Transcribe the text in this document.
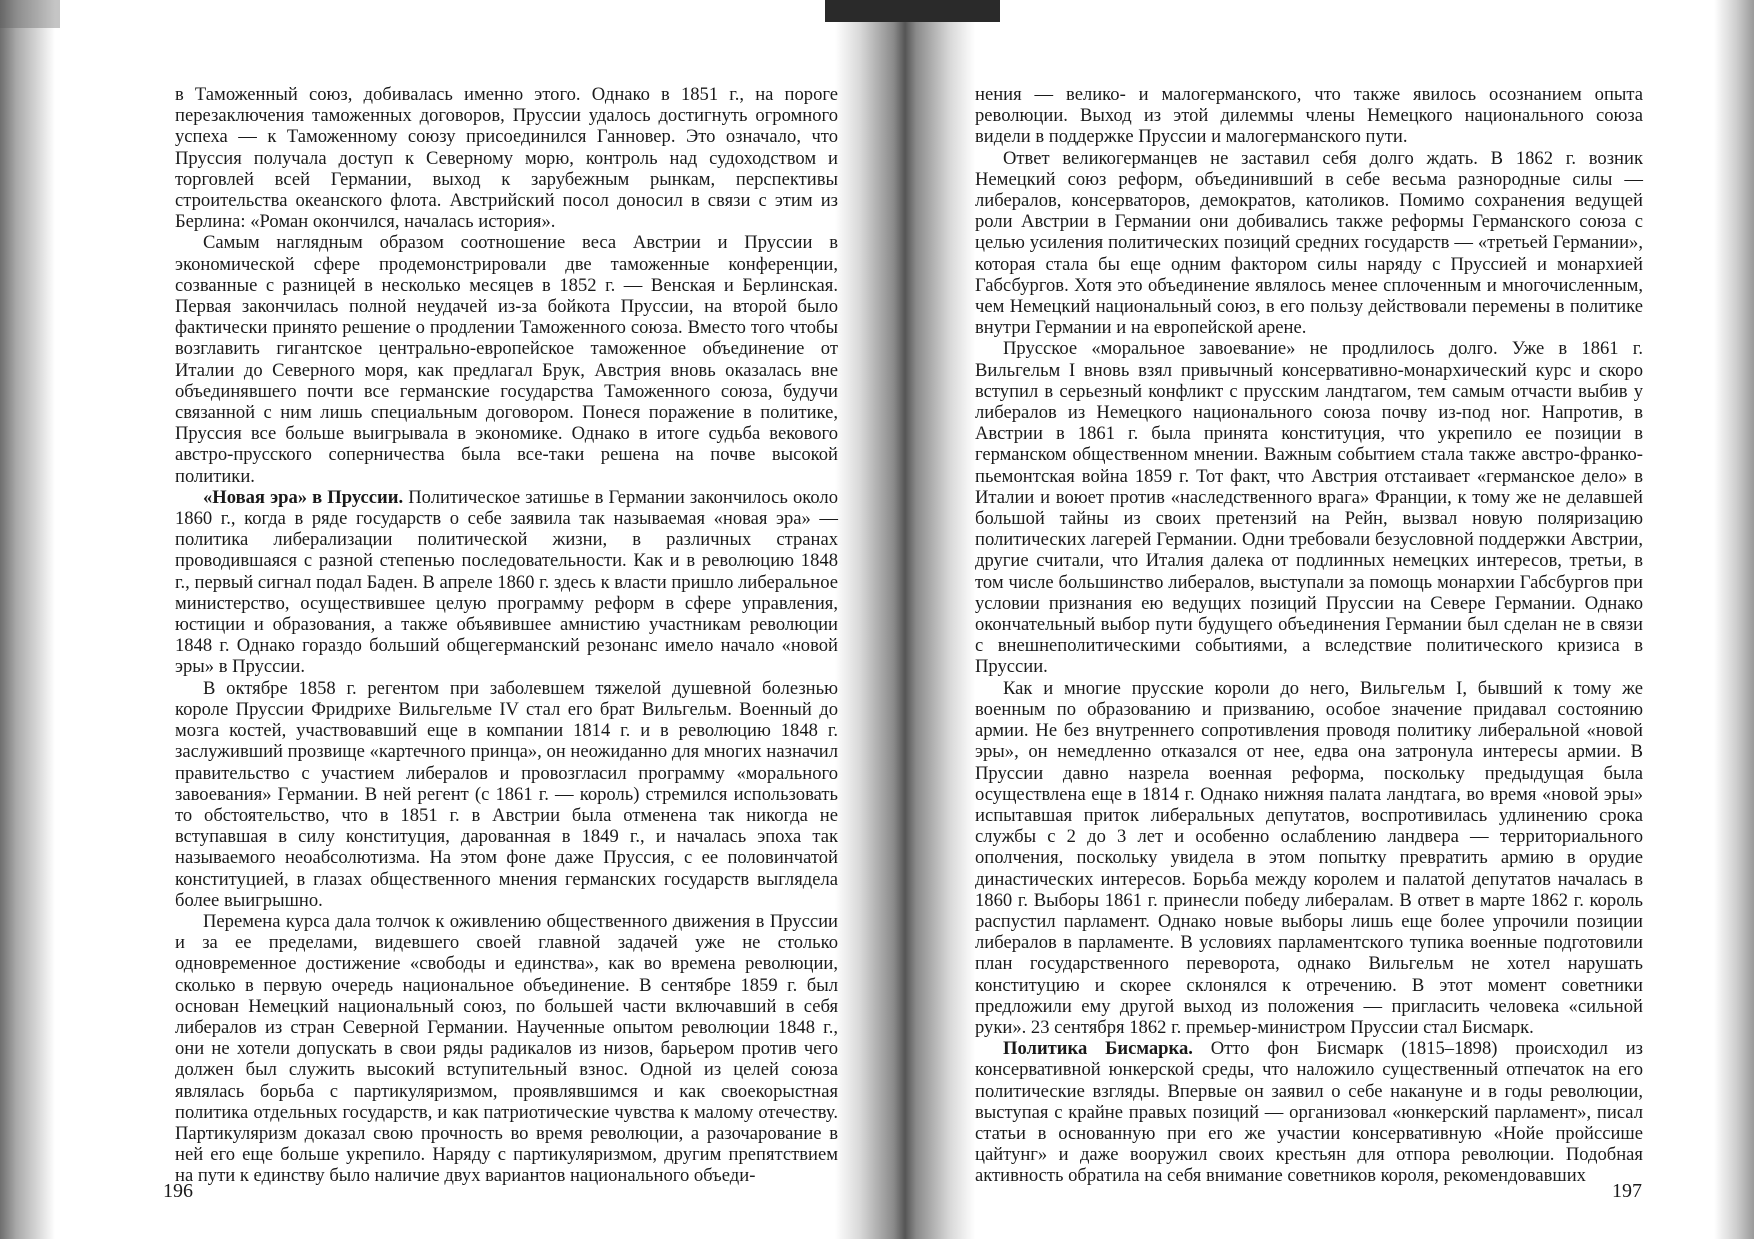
в Таможенный союз, добивалась именно этого. Однако в 1851 г., на пороге перезаключения таможенных договоров, Пруссии удалось достигнуть огромного успеха — к Таможенному союзу присоединился Ганновер. Это означало, что Пруссия получала доступ к Северному морю, контроль над судоходством и торговлей всей Германии, выход к зарубежным рынкам, перспективы строительства океанского флота. Австрийский посол доносил в связи с этим из Берлина: «Роман окончился, началась история».

Самым наглядным образом соотношение веса Австрии и Пруссии в экономической сфере продемонстрировали две таможенные конференции, созванные с разницей в несколько месяцев в 1852 г. — Венская и Берлинская. Первая закончилась полной неудачей из-за бойкота Пруссии, на второй было фактически принято решение о продлении Таможенного союза. Вместо того чтобы возглавить гигантское центрально-европейское таможенное объединение от Италии до Северного моря, как предлагал Брук, Австрия вновь оказалась вне объединявшего почти все германские государства Таможенного союза, будучи связанной с ним лишь специальным договором. Понеся поражение в политике, Пруссия все больше выигрывала в экономике. Однако в итоге судьба векового австро-прусского соперничества была все-таки решена на почве высокой политики.

«Новая эра» в Пруссии. Политическое затишье в Германии закончилось около 1860 г., когда в ряде государств о себе заявила так называемая «новая эра» — политика либерализации политической жизни, в различных странах проводившаяся с разной степенью последовательности. Как и в революцию 1848 г., первый сигнал подал Баден. В апреле 1860 г. здесь к власти пришло либеральное министерство, осуществившее целую программу реформ в сфере управления, юстиции и образования, а также объявившее амнистию участникам революции 1848 г. Однако гораздо больший общегерманский резонанс имело начало «новой эры» в Пруссии.

В октябре 1858 г. регентом при заболевшем тяжелой душевной болезнью короле Пруссии Фридрихе Вильгельме IV стал его брат Вильгельм. Военный до мозга костей, участвовавший еще в компании 1814 г. и в революцию 1848 г. заслуживший прозвище «картечного принца», он неожиданно для многих назначил правительство с участием либералов и провозгласил программу «морального завоевания» Германии. В ней регент (с 1861 г. — король) стремился использовать то обстоятельство, что в 1851 г. в Австрии была отменена так никогда не вступавшая в силу конституция, дарованная в 1849 г., и началась эпоха так называемого неоабсолютизма. На этом фоне даже Пруссия, с ее половинчатой конституцией, в глазах общественного мнения германских государств выглядела более выигрышно.

Перемена курса дала толчок к оживлению общественного движения в Пруссии и за ее пределами, видевшего своей главной задачей уже не столько одновременное достижение «свободы и единства», как во времена революции, сколько в первую очередь национальное объединение. В сентябре 1859 г. был основан Немецкий национальный союз, по большей части включавший в себя либералов из стран Северной Германии. Наученные опытом революции 1848 г., они не хотели допускать в свои ряды радикалов из низов, барьером против чего должен был служить высокий вступительный взнос. Одной из целей союза являлась борьба с партикуляризмом, проявлявшимся и как своекорыстная политика отдельных государств, и как патриотические чувства к малому отечеству. Партикуляризм доказал свою прочность во время революции, а разочарование в ней его еще больше укрепило. Наряду с партикуляризмом, другим препятствием на пути к единству было наличие двух вариантов национального объеди-

196

нения — велико- и малогерманского, что также явилось осознанием опыта революции. Выход из этой дилеммы члены Немецкого национального союза видели в поддержке Пруссии и малогерманского пути.

Ответ великогерманцев не заставил себя долго ждать. В 1862 г. возник Немецкий союз реформ, объединивший в себе весьма разнородные силы — либералов, консерваторов, демократов, католиков. Помимо сохранения ведущей роли Австрии в Германии они добивались также реформы Германского союза с целью усиления политических позиций средних государств — «третьей Германии», которая стала бы еще одним фактором силы наряду с Пруссией и монархией Габсбургов. Хотя это объединение являлось менее сплоченным и многочисленным, чем Немецкий национальный союз, в его пользу действовали перемены в политике внутри Германии и на европейской арене.

Прусское «моральное завоевание» не продлилось долго. Уже в 1861 г. Вильгельм I вновь взял привычный консервативно-монархический курс и скоро вступил в серьезный конфликт с прусским ландтагом, тем самым отчасти выбив у либералов из Немецкого национального союза почву из-под ног. Напротив, в Австрии в 1861 г. была принята конституция, что укрепило ее позиции в германском общественном мнении. Важным событием стала также австро-франко-пьемонтская война 1859 г. Тот факт, что Австрия отстаивает «германское дело» в Италии и воюет против «наследственного врага» Франции, к тому же не делавшей большой тайны из своих претензий на Рейн, вызвал новую поляризацию политических лагерей Германии. Одни требовали безусловной поддержки Австрии, другие считали, что Италия далека от подлинных немецких интересов, третьи, в том числе большинство либералов, выступали за помощь монархии Габсбургов при условии признания ею ведущих позиций Пруссии на Севере Германии. Однако окончательный выбор пути будущего объединения Германии был сделан не в связи с внешнеполитическими событиями, а вследствие политического кризиса в Пруссии.

Как и многие прусские короли до него, Вильгельм I, бывший к тому же военным по образованию и призванию, особое значение придавал состоянию армии. Не без внутреннего сопротивления проводя политику либеральной «новой эры», он немедленно отказался от нее, едва она затронула интересы армии. В Пруссии давно назрела военная реформа, поскольку предыдущая была осуществлена еще в 1814 г. Однако нижняя палата ландтага, во время «новой эры» испытавшая приток либеральных депутатов, воспротивилась удлинению срока службы с 2 до 3 лет и особенно ослаблению ландвера — территориального ополчения, поскольку увидела в этом попытку превратить армию в орудие династических интересов. Борьба между королем и палатой депутатов началась в 1860 г. Выборы 1861 г. принесли победу либералам. В ответ в марте 1862 г. король распустил парламент. Однако новые выборы лишь еще более упрочили позиции либералов в парламенте. В условиях парламентского тупика военные подготовили план государственного переворота, однако Вильгельм не хотел нарушать конституцию и скорее склонялся к отречению. В этот момент советники предложили ему другой выход из положения — пригласить человека «сильной руки». 23 сентября 1862 г. премьер-министром Пруссии стал Бисмарк.

Политика Бисмарка. Отто фон Бисмарк (1815–1898) происходил из консервативной юнкерской среды, что наложило существенный отпечаток на его политические взгляды. Впервые он заявил о себе накануне и в годы революции, выступая с крайне правых позиций — организовал «юнкерский парламент», писал статьи в основанную при его же участии консервативную «Нойе пройссише цайтунг» и даже вооружил своих крестьян для отпора революции. Подобная активность обратила на себя внимание советников короля, рекомендовавших

197
